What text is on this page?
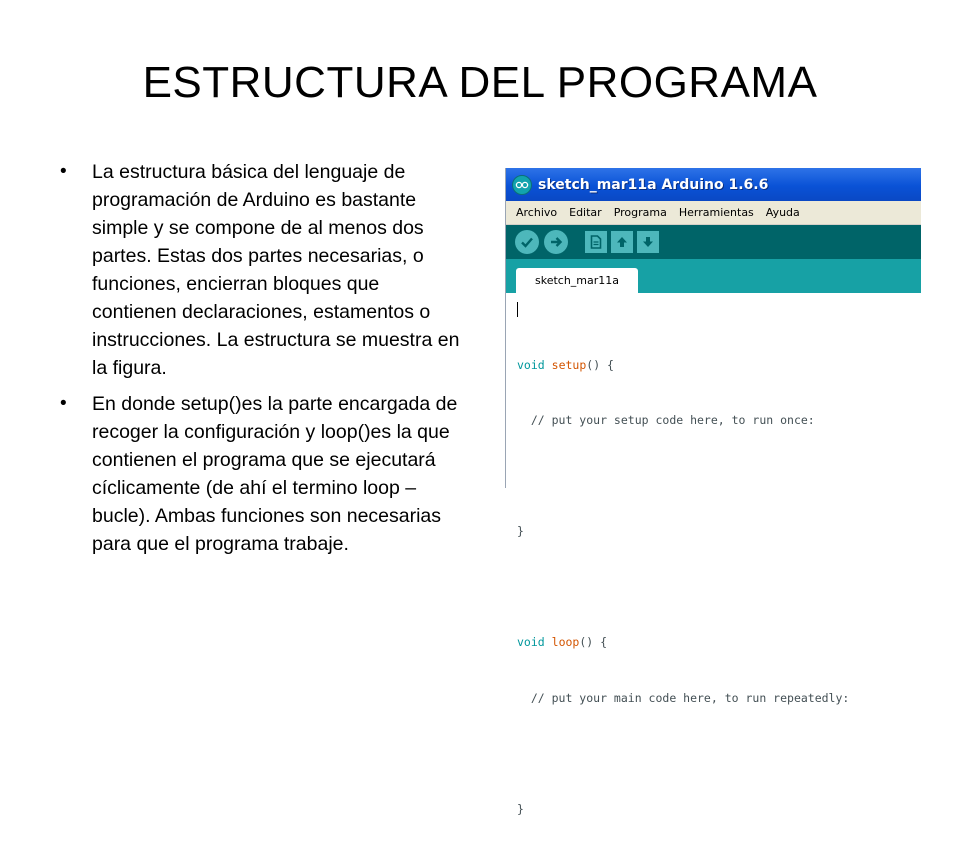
ESTRUCTURA DEL PROGRAMA
• La estructura básica del lenguaje de programación de Arduino es bastante simple y se compone de al menos dos partes. Estas dos partes necesarias, o funciones, encierran bloques que contienen declaraciones, estamentos o instrucciones. La estructura se muestra en la figura.
• En donde setup()es la parte encargada de recoger la configuración y loop()es la que contienen el programa que se ejecutará cíclicamente (de ahí el termino loop – bucle). Ambas funciones son necesarias para que el programa trabaje.
sketch_mar11a Arduino 1.6.6
Archivo	Editar	Programa	Herramientas	Ayuda
sketch_mar11a

void setup() {

// put your setup code here, to run once:

}

void loop() {

// put your main code here, to run repeatedly:

}
